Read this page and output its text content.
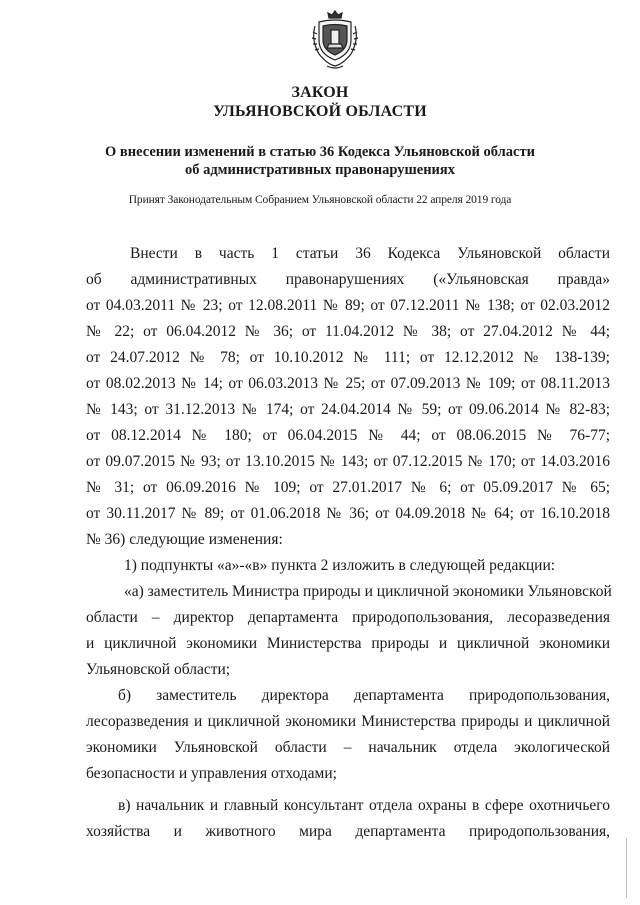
ЗАКОН
УЛЬЯНОВСКОЙ ОБЛАСТИ
О внесении изменений в статью 36 Кодекса Ульяновской области
об административных правонарушениях
Принят Законодательным Собранием Ульяновской области 22 апреля 2019 года
Внести в часть 1 статьи 36 Кодекса Ульяновской области
об административных правонарушениях («Ульяновская правда»
от 04.03.2011 № 23; от 12.08.2011 № 89; от 07.12.2011 № 138; от 02.03.2012
№ 22; от 06.04.2012 № 36; от 11.04.2012 № 38; от 27.04.2012 № 44;
от 24.07.2012 № 78; от 10.10.2012 № 111; от 12.12.2012 № 138-139;
от 08.02.2013 № 14; от 06.03.2013 № 25; от 07.09.2013 № 109; от 08.11.2013
№ 143; от 31.12.2013 № 174; от 24.04.2014 № 59; от 09.06.2014 № 82-83;
от 08.12.2014 № 180; от 06.04.2015 № 44; от 08.06.2015 № 76-77;
от 09.07.2015 № 93; от 13.10.2015 № 143; от 07.12.2015 № 170; от 14.03.2016
№ 31; от 06.09.2016 № 109; от 27.01.2017 № 6; от 05.09.2017 № 65;
от 30.11.2017 № 89; от 01.06.2018 № 36; от 04.09.2018 № 64; от 16.10.2018
№ 36) следующие изменения:
1) подпункты «а»-«в» пункта 2 изложить в следующей редакции:
«а) заместитель Министра природы и цикличной экономики Ульяновской
области – директор департамента природопользования, лесоразведения
и цикличной экономики Министерства природы и цикличной экономики
Ульяновской области;
б) заместитель директора департамента природопользования,
лесоразведения и цикличной экономики Министерства природы и цикличной
экономики Ульяновской области – начальник отдела экологической
безопасности и управления отходами;
в) начальник и главный консультант отдела охраны в сфере охотничьего
хозяйства и животного мира департамента природопользования,
